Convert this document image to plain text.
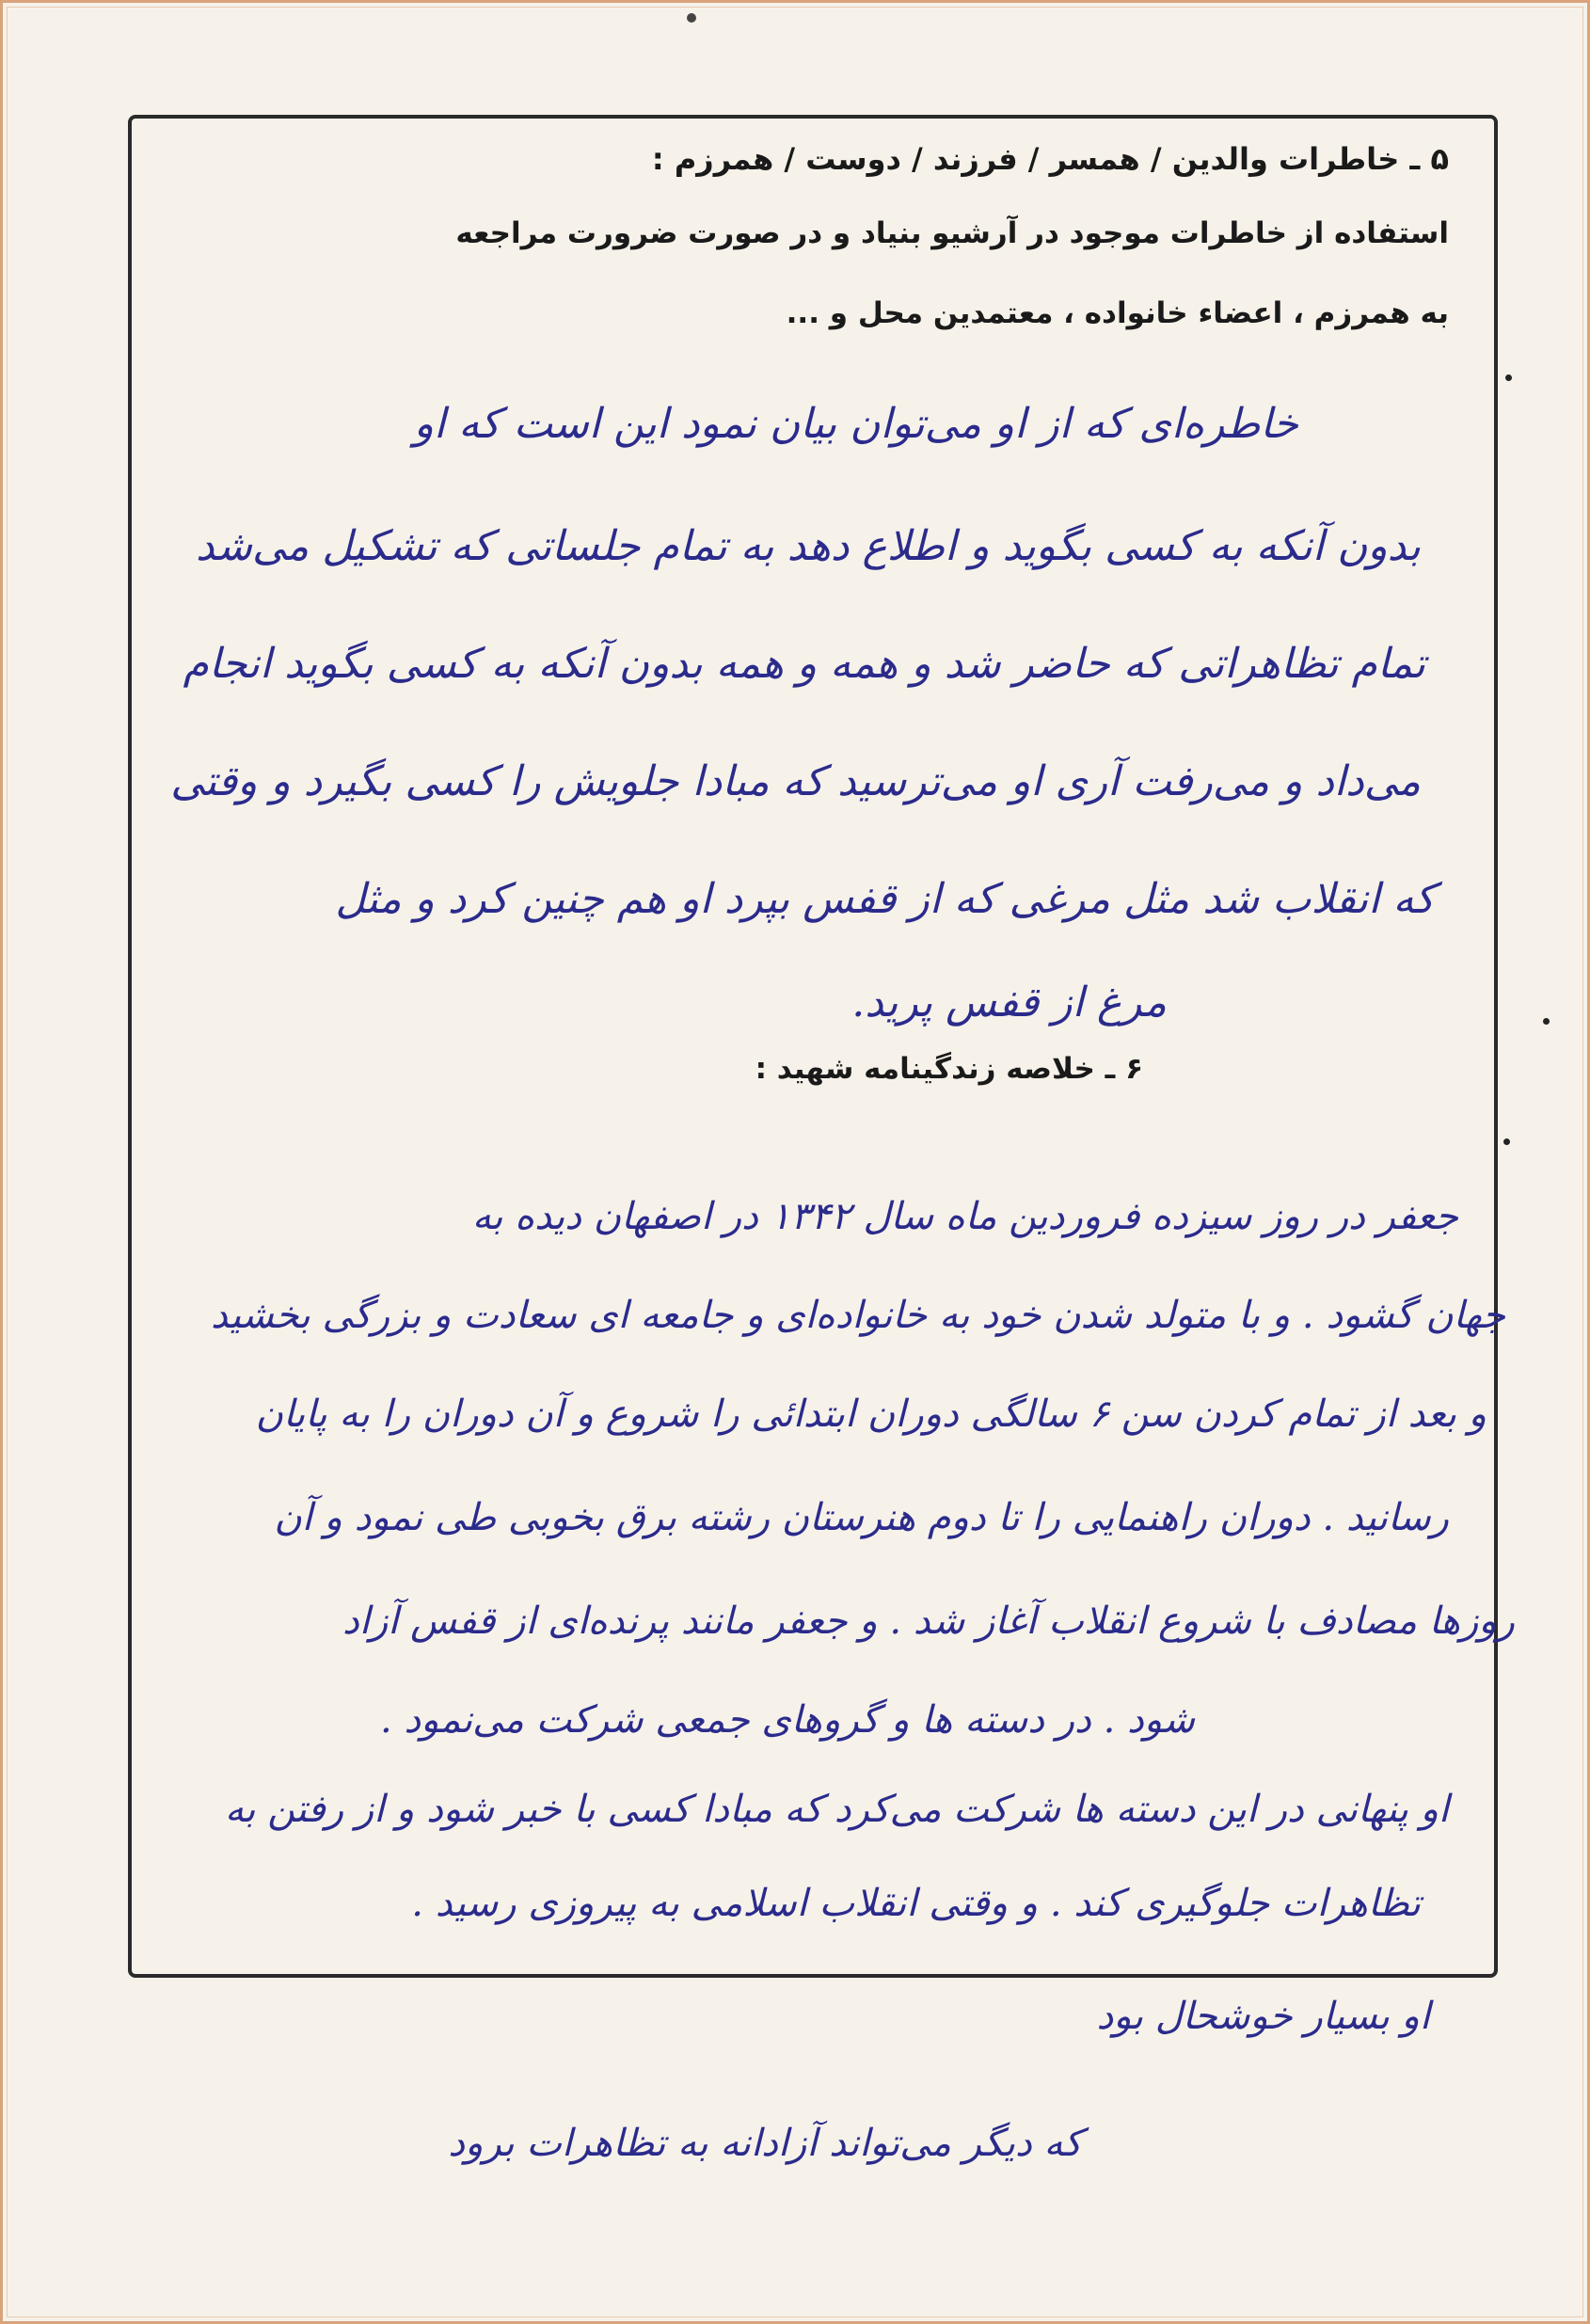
۵ ـ خاطرات والدین / همسر / فرزند / دوست / همرزم :
استفاده از خاطرات موجود در آرشیو بنیاد و در صورت ضرورت مراجعه
به همرزم ، اعضاء خانواده ، معتمدین محل و ...
خاطره‌ای که از او می‌توان بیان نمود این است که او
بدون آنکه به کسی بگوید و اطلاع دهد به تمام جلساتی که تشکیل می‌شد
تمام تظاهراتی که حاضر شد و همه و همه بدون آنکه به کسی بگوید انجام
می‌داد و می‌رفت آری او می‌ترسید که مبادا جلویش را کسی بگیرد و وقتی
که انقلاب شد مثل مرغی که از قفس بپرد او هم چنین کرد و مثل
مرغ از قفس پرید.
۶ ـ خلاصه زندگینامه شهید :
جعفر در روز سیزده فروردین ماه سال ۱۳۴۲ در اصفهان دیده به
جهان گشود . و با متولد شدن خود به خانواده‌ای و جامعه ای سعادت و بزرگی بخشید
و بعد از تمام کردن سن ۶ سالگی دوران ابتدائی را شروع و آن دوران را به پایان
رسانید . دوران راهنمایی را تا دوم هنرستان رشته برق بخوبی طی نمود و آن
روزها مصادف با شروع انقلاب آغاز شد . و جعفر مانند پرنده‌ای از قفس آزاد
شود . در دسته ها و گروهای جمعی شرکت می‌نمود .
او پنهانی در این دسته ها شرکت می‌کرد که مبادا کسی با خبر شود و از رفتن به
تظاهرات جلوگیری کند . و وقتی انقلاب اسلامی به پیروزی رسید .
او بسیار خوشحال بود
که دیگر می‌تواند آزادانه به تظاهرات برود
